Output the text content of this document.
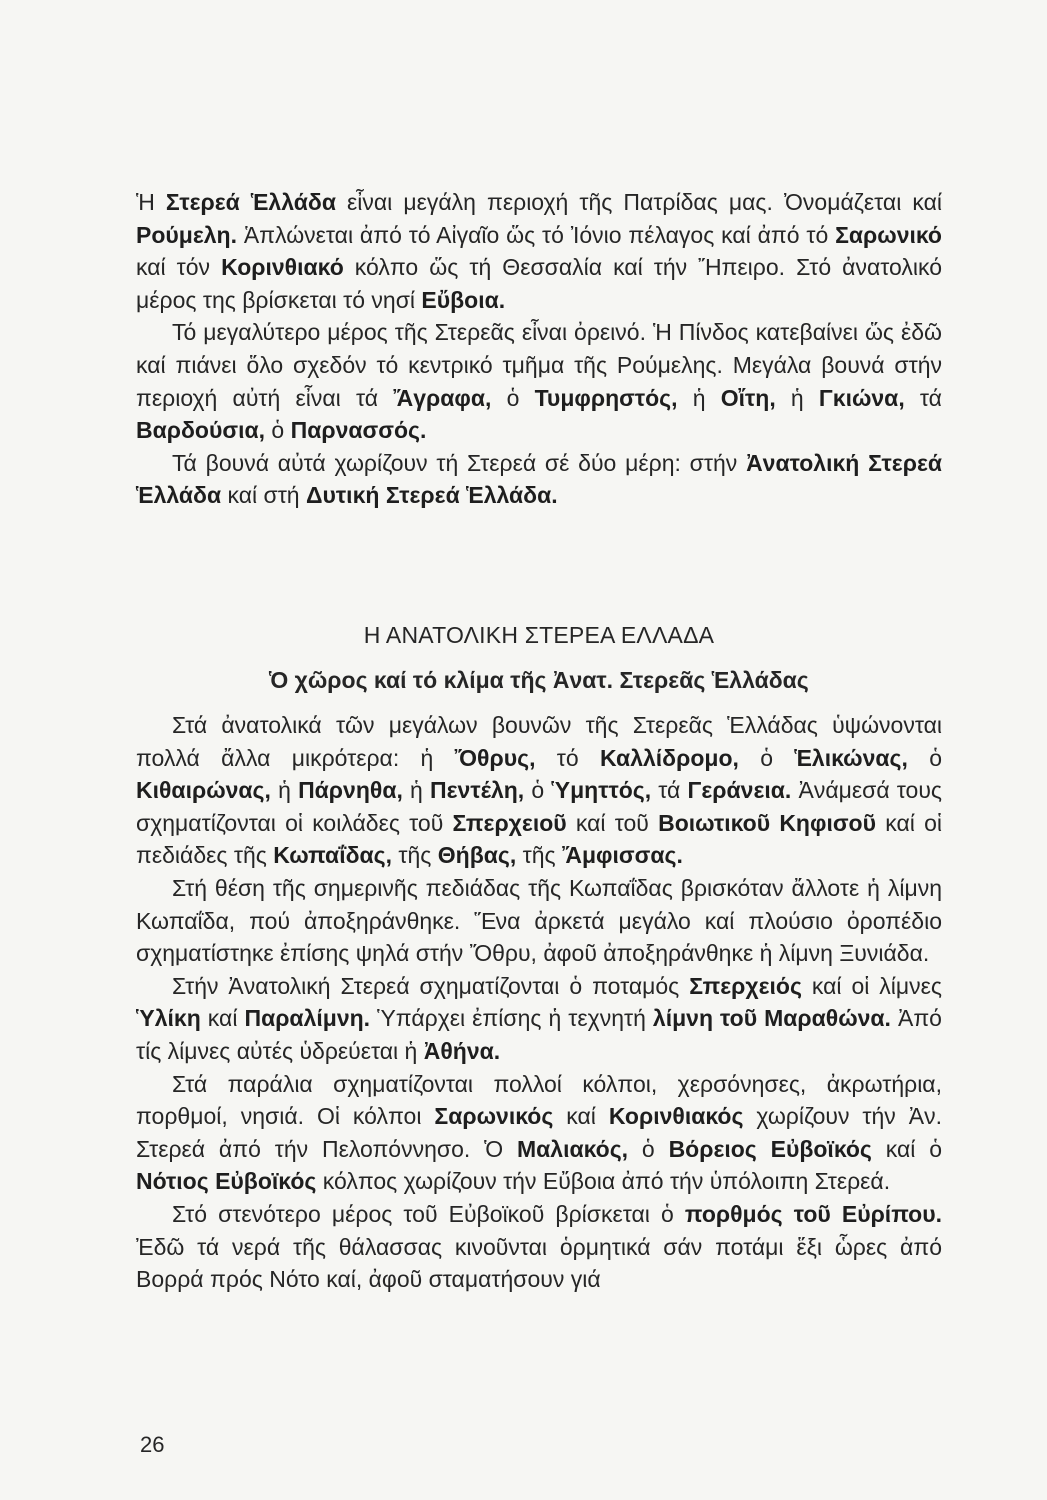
Ἡ Στερεά Ἑλλάδα εἶναι μεγάλη περιοχή τῆς Πατρίδας μας. Ὀνομάζεται καί Ρούμελη. Ἁπλώνεται ἀπό τό Αἰγαῖο ὥς τό Ἰόνιο πέλαγος καί ἀπό τό Σαρωνικό καί τόν Κορινθιακό κόλπο ὥς τή Θεσσαλία καί τήν Ἤπειρο. Στό ἀνατολικό μέρος της βρίσκεται τό νησί Εὔβοια.

Τό μεγαλύτερο μέρος τῆς Στερεᾶς εἶναι ὀρεινό. Ἡ Πίνδος κατεβαίνει ὥς ἐδῶ καί πιάνει ὅλο σχεδόν τό κεντρικό τμῆμα τῆς Ρούμελης. Μεγάλα βουνά στήν περιοχή αὐτή εἶναι τά Ἄγραφα, ὁ Τυμφρηστός, ἡ Οἴτη, ἡ Γκιώνα, τά Βαρδούσια, ὁ Παρνασσός.

Τά βουνά αὐτά χωρίζουν τή Στερεά σέ δύο μέρη: στήν Ἀνατολική Στερεά Ἑλλάδα καί στή Δυτική Στερεά Ἑλλάδα.

Η ΑΝΑΤΟΛΙΚΗ ΣΤΕΡΕΑ ΕΛΛΑΔΑ
Ὁ χῶρος καί τό κλίμα τῆς Ἀνατ. Στερεᾶς Ἑλλάδας

Στά ἀνατολικά τῶν μεγάλων βουνῶν τῆς Στερεᾶς Ἑλλάδας ὑψώνονται πολλά ἄλλα μικρότερα: ἡ Ὄθρυς, τό Καλλίδρομο, ὁ Ἑλικώνας, ὁ Κιθαιρώνας, ἡ Πάρνηθα, ἡ Πεντέλη, ὁ Ὑμηττός, τά Γεράνεια. Ἀνάμεσά τους σχηματίζονται οἱ κοιλάδες τοῦ Σπερχειοῦ καί τοῦ Βοιωτικοῦ Κηφισοῦ καί οἱ πεδιάδες τῆς Κωπαΐδας, τῆς Θήβας, τῆς Ἄμφισσας.

Στή θέση τῆς σημερινῆς πεδιάδας τῆς Κωπαΐδας βρισκόταν ἄλλοτε ἡ λίμνη Κωπαΐδα, πού ἀποξηράνθηκε. Ἕνα ἀρκετά μεγάλο καί πλούσιο ὀροπέδιο σχηματίστηκε ἐπίσης ψηλά στήν Ὄθρυ, ἀφοῦ ἀποξηράνθηκε ἡ λίμνη Ξυνιάδα.

Στήν Ἀνατολική Στερεά σχηματίζονται ὁ ποταμός Σπερχειός καί οἱ λίμνες Ὑλίκη καί Παραλίμνη. Ὑπάρχει ἐπίσης ἡ τεχνητή λίμνη τοῦ Μαραθώνα. Ἀπό τίς λίμνες αὐτές ὑδρεύεται ἡ Ἀθήνα.

Στά παράλια σχηματίζονται πολλοί κόλποι, χερσόνησες, ἀκρωτήρια, πορθμοί, νησιά. Οἱ κόλποι Σαρωνικός καί Κορινθιακός χωρίζουν τήν Ἀν. Στερεά ἀπό τήν Πελοπόννησο. Ὁ Μαλιακός, ὁ Βόρειος Εὐβοϊκός καί ὁ Νότιος Εὐβοϊκός κόλπος χωρίζουν τήν Εὔβοια ἀπό τήν ὑπόλοιπη Στερεά.

Στό στενότερο μέρος τοῦ Εὐβοϊκοῦ βρίσκεται ὁ πορθμός τοῦ Εὐρίπου. Ἐδῶ τά νερά τῆς θάλασσας κινοῦνται ὁρμητικά σάν ποτάμι ἕξι ὧρες ἀπό Βορρά πρός Νότο καί, ἀφοῦ σταματήσουν γιά

26
